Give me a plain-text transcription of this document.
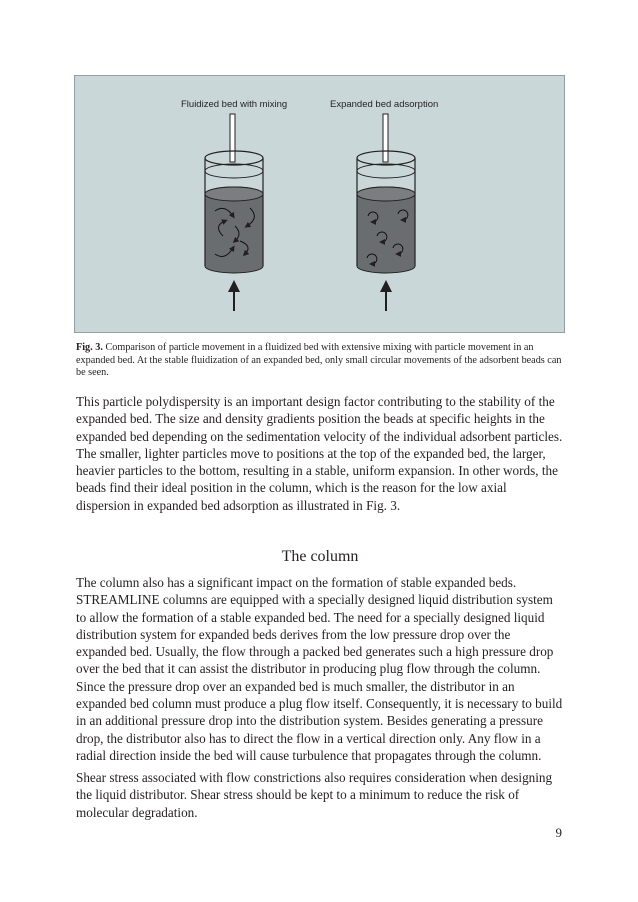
Fluidized bed with mixing	Expanded bed adsorption
Fig. 3. Comparison of particle movement in a fluidized bed with extensive mixing with particle movement in an expanded bed. At the stable fluidization of an expanded bed, only small circular movements of the adsorbent beads can be seen.

This particle polydispersity is an important design factor contributing to the stability of the expanded bed. The size and density gradients position the beads at specific heights in the expanded bed depending on the sedimentation velocity of the individual adsorbent particles. The smaller, lighter particles move to positions at the top of the expanded bed, the larger, heavier particles to the bottom, resulting in a stable, uniform expansion. In other words, the beads find their ideal position in the column, which is the reason for the low axial dispersion in expanded bed adsorption as illustrated in Fig. 3.

The column

The column also has a significant impact on the formation of stable expanded beds. STREAMLINE columns are equipped with a specially designed liquid distribution system to allow the formation of a stable expanded bed. The need for a specially designed liquid distribution system for expanded beds derives from the low pressure drop over the expanded bed. Usually, the flow through a packed bed generates such a high pressure drop over the bed that it can assist the distributor in producing plug flow through the column. Since the pressure drop over an expanded bed is much smaller, the distributor in an expanded bed column must produce a plug flow itself. Consequently, it is necessary to build in an additional pressure drop into the distribution system. Besides generating a pressure drop, the distributor also has to direct the flow in a vertical direction only. Any flow in a radial direction inside the bed will cause turbulence that propagates through the column.

Shear stress associated with flow constrictions also requires consideration when designing the liquid distributor. Shear stress should be kept to a minimum to reduce the risk of molecular degradation.

9
